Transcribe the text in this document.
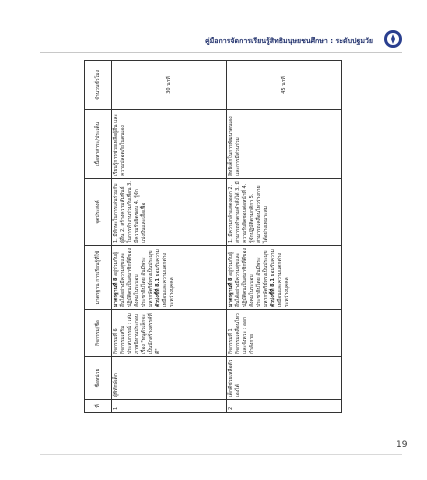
คู่มือการจัดการเรียนรู้สิทธิมนุษยชนศึกษา : ระดับปฐมวัย
ที่	ชื่อหน่วย	กิจกรรม/ชื่อ	มาตรฐาน การเรียนรู้ที่ใช้	จุดประสงค์	เนื้อหาสาระ/ประเด็น	จำนวนชั่วโมง
1	ผู้พิทักษ์เด็ก	กิจกรรมที่ 6 กิจกรรมเสริมประสบการณ์ : เล่มภาพนิทานประกอบเรื่อง "หนูตัวเล็กจะเป็นนักสร้างสรรค์ที่ดี"	มาตรฐานที่ 8 อยู่ร่วมกับผู้อื่นได้อย่างมีความสุขและปฏิบัติตนเป็นสมาชิกที่ดีของสังคมในระบอบประชาธิปไตย อันมีพระมหากษัตริย์ทรงเป็นประมุข ตัวบ่งชี้ที่ 8.1 ยอมรับความเหมือนและความแตกต่างระหว่างบุคคล	1. มีทักษะในการเล่นร่วมกับผู้อื่น 2. สร้างความสัมพันธ์ในการทำงานร่วมกับเพื่อน 3. มีความรับผิดชอบ 4. รู้จักแบ่งปันและเอื้อเฟื้อ	เรียนรู้การช่วยเหลือผู้อื่น และความปลอดภัยในตนเอง	30 นาที
2	เด็กดีช่วยเหลือตัวเองได้	กิจกรรมที่ 1 กิจกรรมเคลื่อนไหวและจังหวะ : ออกกำลังกาย	มาตรฐานที่ 8 อยู่ร่วมกับผู้อื่นได้อย่างมีความสุขและปฏิบัติตนเป็นสมาชิกที่ดีของสังคมในระบอบประชาธิปไตย อันมีพระมหากษัตริย์ทรงเป็นประมุข ตัวบ่งชี้ที่ 8.1 ยอมรับความเหมือนและความแตกต่างระหว่างบุคคล	1. มีความกล้าแสดงออก 2. สามารถทำตามคำสั่งได้ 3. มีความรับผิดชอบต่อหน้าที่ 4. รู้จักปฏิบัติตามกติกา 5. สามารถเคลื่อนไหวร่างกายได้อย่างเหมาะสม	สิทธิเด็กในการพัฒนาตนเองและการมีส่วนร่วม	45 นาที
19
